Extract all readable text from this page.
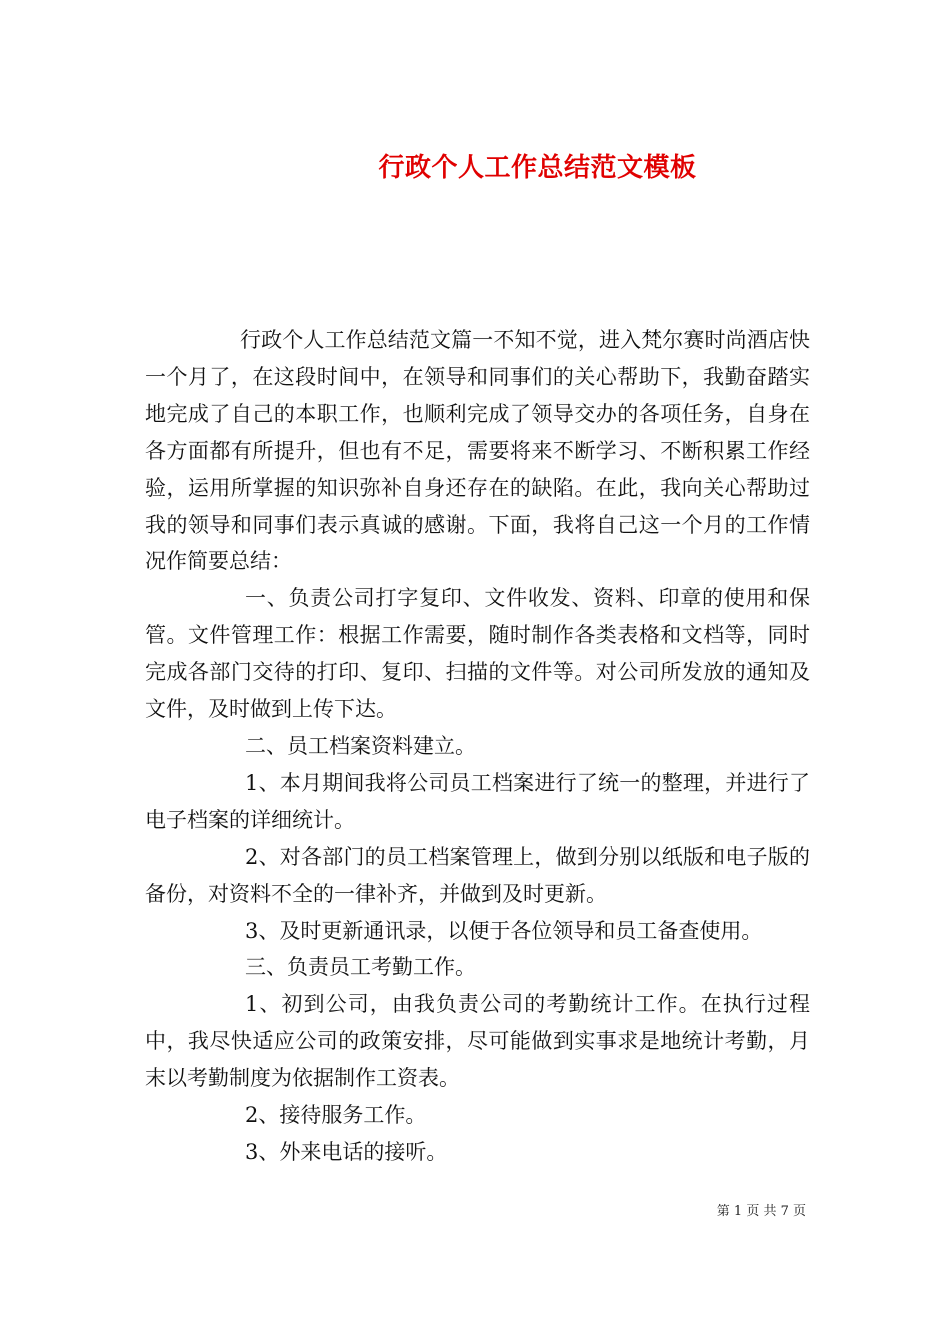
行政个人工作总结范文模板

行政个人工作总结范文篇一不知不觉，进入梵尔赛时尚酒店快一个月了，在这段时间中，在领导和同事们的关心帮助下，我勤奋踏实地完成了自己的本职工作，也顺利完成了领导交办的各项任务，自身在各方面都有所提升，但也有不足，需要将来不断学习、不断积累工作经验，运用所掌握的知识弥补自身还存在的缺陷。在此，我向关心帮助过我的领导和同事们表示真诚的感谢。下面，我将自己这一个月的工作情况作简要总结：

一、负责公司打字复印、文件收发、资料、印章的使用和保管。文件管理工作：根据工作需要，随时制作各类表格和文档等，同时完成各部门交待的打印、复印、扫描的文件等。对公司所发放的通知及文件，及时做到上传下达。

二、员工档案资料建立。

1、本月期间我将公司员工档案进行了统一的整理，并进行了电子档案的详细统计。

2、对各部门的员工档案管理上，做到分别以纸版和电子版的备份，对资料不全的一律补齐，并做到及时更新。

3、及时更新通讯录，以便于各位领导和员工备查使用。

三、负责员工考勤工作。

1、初到公司，由我负责公司的考勤统计工作。在执行过程中，我尽快适应公司的政策安排，尽可能做到实事求是地统计考勤，月末以考勤制度为依据制作工资表。

2、接待服务工作。

3、外来电话的接听。

第 1 页 共 7 页
